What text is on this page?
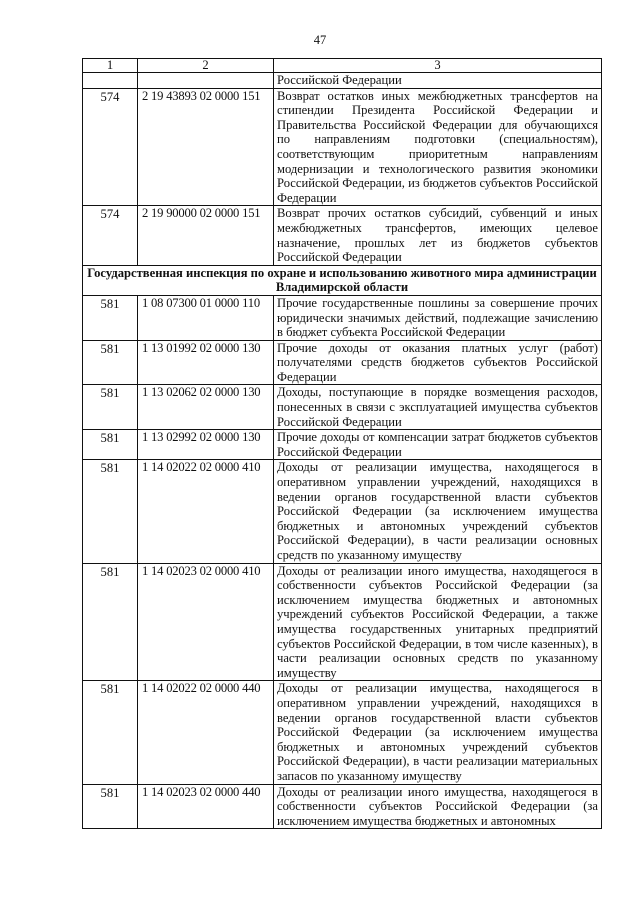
47
1	2	3
		Российской Федерации
574	2 19 43893 02 0000 151	Возврат остатков иных межбюджетных трансфертов на стипендии Президента Российской Федерации и Правительства Российской Федерации для обучающихся по направлениям подготовки (специальностям), соответствующим приоритетным направлениям модернизации и технологического развития экономики Российской Федерации, из бюджетов субъектов Российской Федерации
574	2 19 90000 02 0000 151	Возврат прочих остатков субсидий, субвенций и иных межбюджетных трансфертов, имеющих целевое назначение, прошлых лет из бюджетов субъектов Российской Федерации
Государственная инспекция по охране и использованию животного мира администрации Владимирской области		
581	1 08 07300 01 0000 110	Прочие государственные пошлины за совершение прочих юридически значимых действий, подлежащие зачислению в бюджет субъекта Российской Федерации
581	1 13 01992 02 0000 130	Прочие доходы от оказания платных услуг (работ) получателями средств бюджетов субъектов Российской Федерации
581	1 13 02062 02 0000 130	Доходы, поступающие в порядке возмещения расходов, понесенных в связи с эксплуатацией имущества субъектов Российской Федерации
581	1 13 02992 02 0000 130	Прочие доходы от компенсации затрат бюджетов субъектов Российской Федерации
581	1 14 02022 02 0000 410	Доходы от реализации имущества, находящегося в оперативном управлении учреждений, находящихся в ведении органов государственной власти субъектов Российской Федерации (за исключением имущества бюджетных и автономных учреждений субъектов Российской Федерации), в части реализации основных средств по указанному имуществу
581	1 14 02023 02 0000 410	Доходы от реализации иного имущества, находящегося в собственности субъектов Российской Федерации (за исключением имущества бюджетных и автономных учреждений субъектов Российской Федерации, а также имущества государственных унитарных предприятий субъектов Российской Федерации, в том числе казенных), в части реализации основных средств по указанному имуществу
581	1 14 02022 02 0000 440	Доходы от реализации имущества, находящегося в оперативном управлении учреждений, находящихся в ведении органов государственной власти субъектов Российской Федерации (за исключением имущества бюджетных и автономных учреждений субъектов Российской Федерации), в части реализации материальных запасов по указанному имуществу
581	1 14 02023 02 0000 440	Доходы от реализации иного имущества, находящегося в собственности субъектов Российской Федерации (за исключением имущества бюджетных и автономных
